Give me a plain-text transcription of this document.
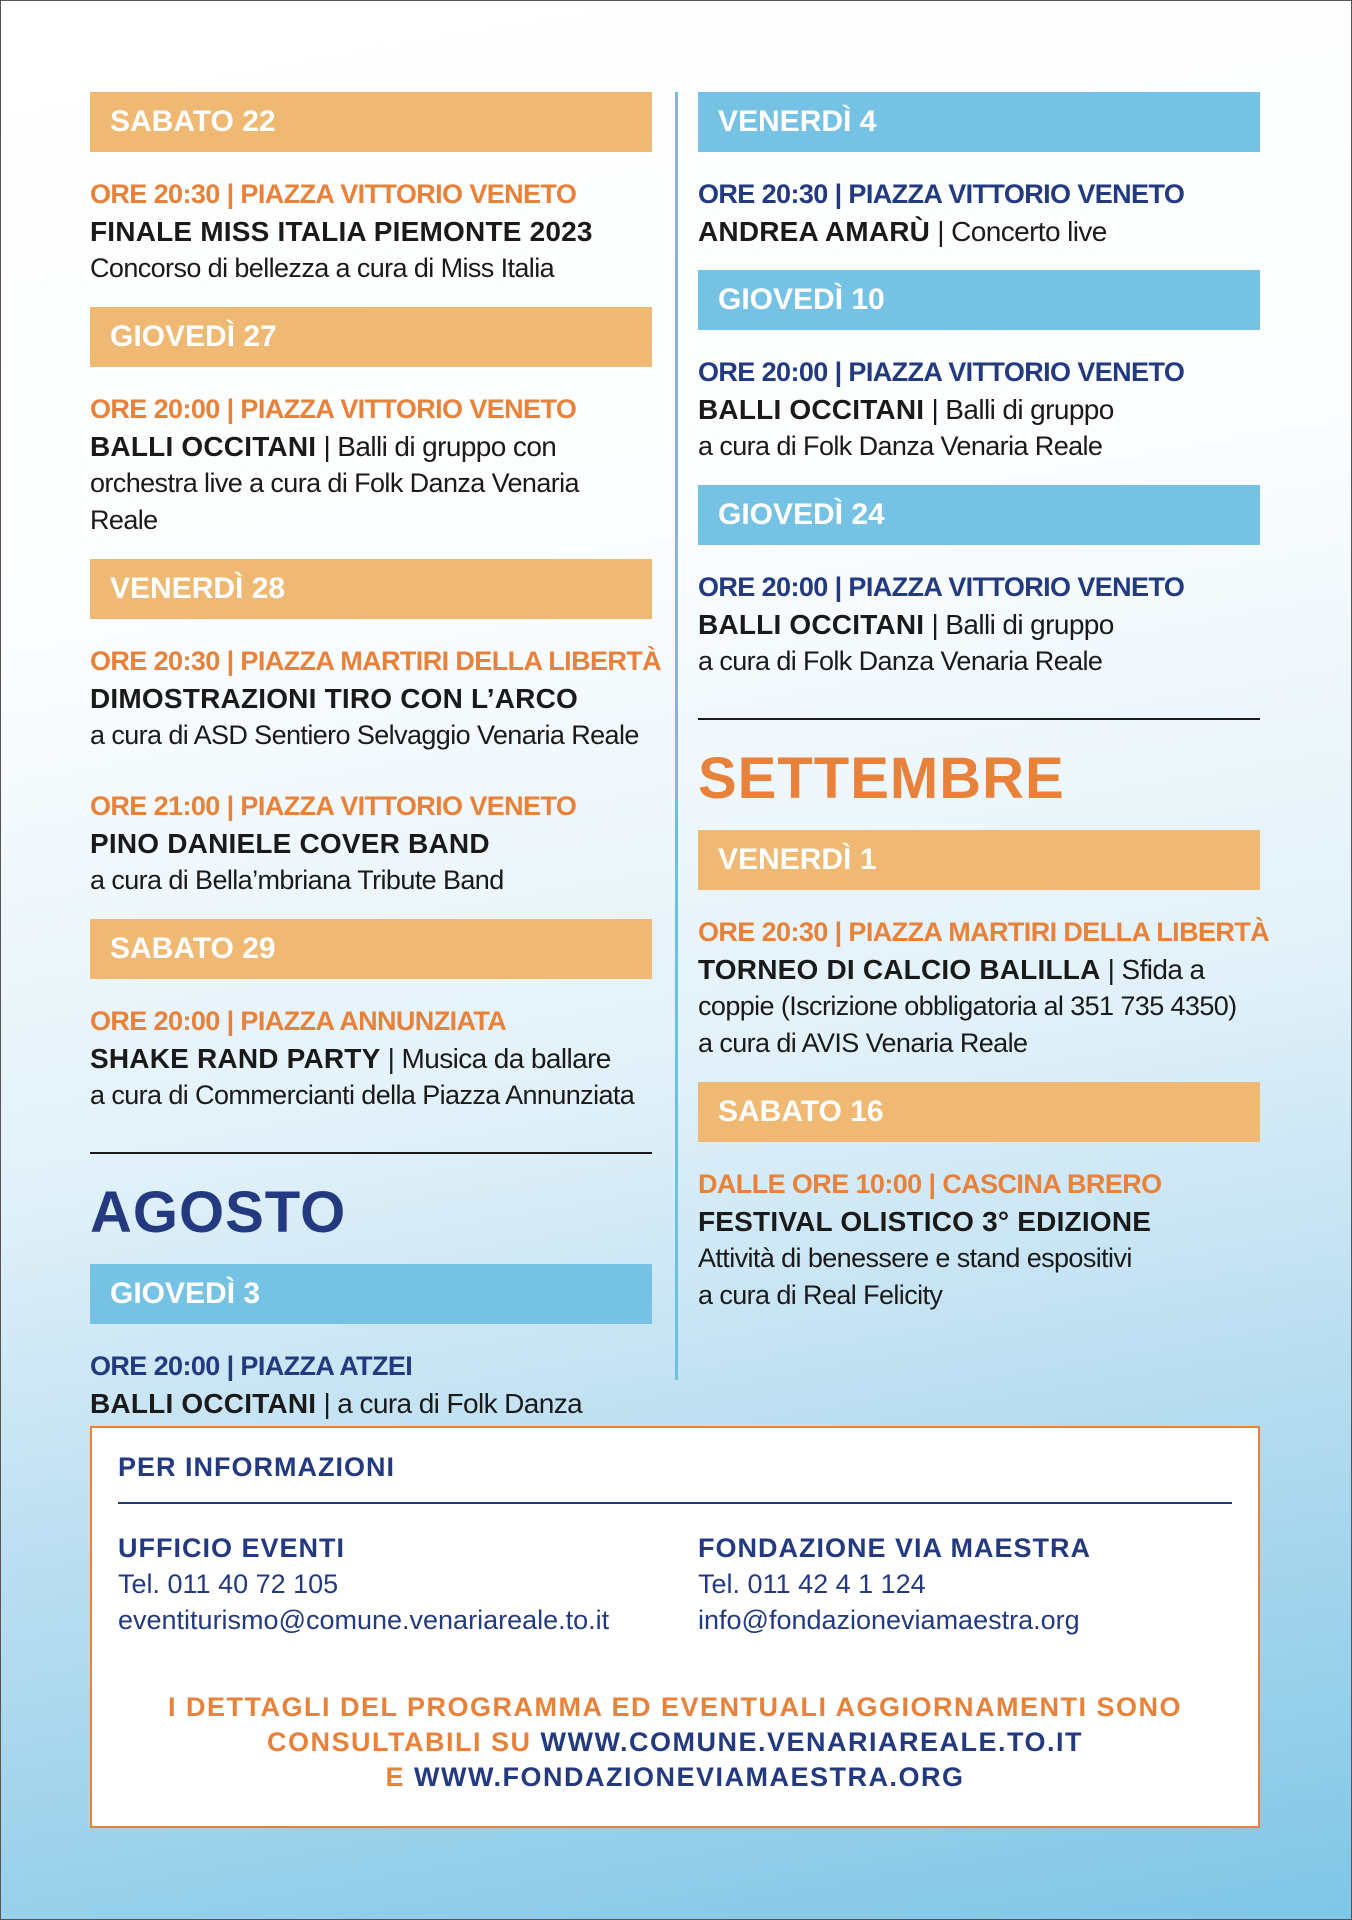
SABATO 22
ORE 20:30 | PIAZZA VITTORIO VENETO
FINALE MISS ITALIA PIEMONTE 2023
Concorso di bellezza a cura di Miss Italia
GIOVEDÌ 27
ORE 20:00 | PIAZZA VITTORIO VENETO
BALLI OCCITANI | Balli di gruppo con
orchestra live a cura di Folk Danza Venaria Reale
VENERDÌ 28
ORE 20:30 | PIAZZA MARTIRI DELLA LIBERTÀ
DIMOSTRAZIONI TIRO CON L’ARCO
a cura di ASD Sentiero Selvaggio Venaria Reale
ORE 21:00 | PIAZZA VITTORIO VENETO
PINO DANIELE COVER BAND
a cura di Bella’mbriana Tribute Band
SABATO 29
ORE 20:00 | PIAZZA ANNUNZIATA
SHAKE RAND PARTY | Musica da ballare
a cura di Commercianti della Piazza Annunziata
AGOSTO
GIOVEDÌ 3
ORE 20:00 | PIAZZA ATZEI
BALLI OCCITANI | a cura di Folk Danza
VENERDÌ 4
ORE 20:30 | PIAZZA VITTORIO VENETO
ANDREA AMARÙ | Concerto live
GIOVEDÌ 10
ORE 20:00 | PIAZZA VITTORIO VENETO
BALLI OCCITANI | Balli di gruppo
a cura di Folk Danza Venaria Reale
GIOVEDÌ 24
ORE 20:00 | PIAZZA VITTORIO VENETO
BALLI OCCITANI | Balli di gruppo
a cura di Folk Danza Venaria Reale
SETTEMBRE
VENERDÌ 1
ORE 20:30 | PIAZZA MARTIRI DELLA LIBERTÀ
TORNEO DI CALCIO BALILLA | Sfida a
coppie (Iscrizione obbligatoria al 351 735 4350)
a cura di AVIS Venaria Reale
SABATO 16
DALLE ORE 10:00 | CASCINA BRERO
FESTIVAL OLISTICO 3° EDIZIONE
Attività di benessere e stand espositivi
a cura di Real Felicity
PER INFORMAZIONI
UFFICIO EVENTI
Tel. 011 40 72 105
eventiturismo@comune.venariareale.to.it
FONDAZIONE VIA MAESTRA
Tel. 011 42 4 1 124
info@fondazioneviamaestra.org
I DETTAGLI DEL PROGRAMMA ED EVENTUALI AGGIORNAMENTI SONO
CONSULTABILI SU WWW.COMUNE.VENARIAREALE.TO.IT
E WWW.FONDAZIONEVIAMAESTRA.ORG
